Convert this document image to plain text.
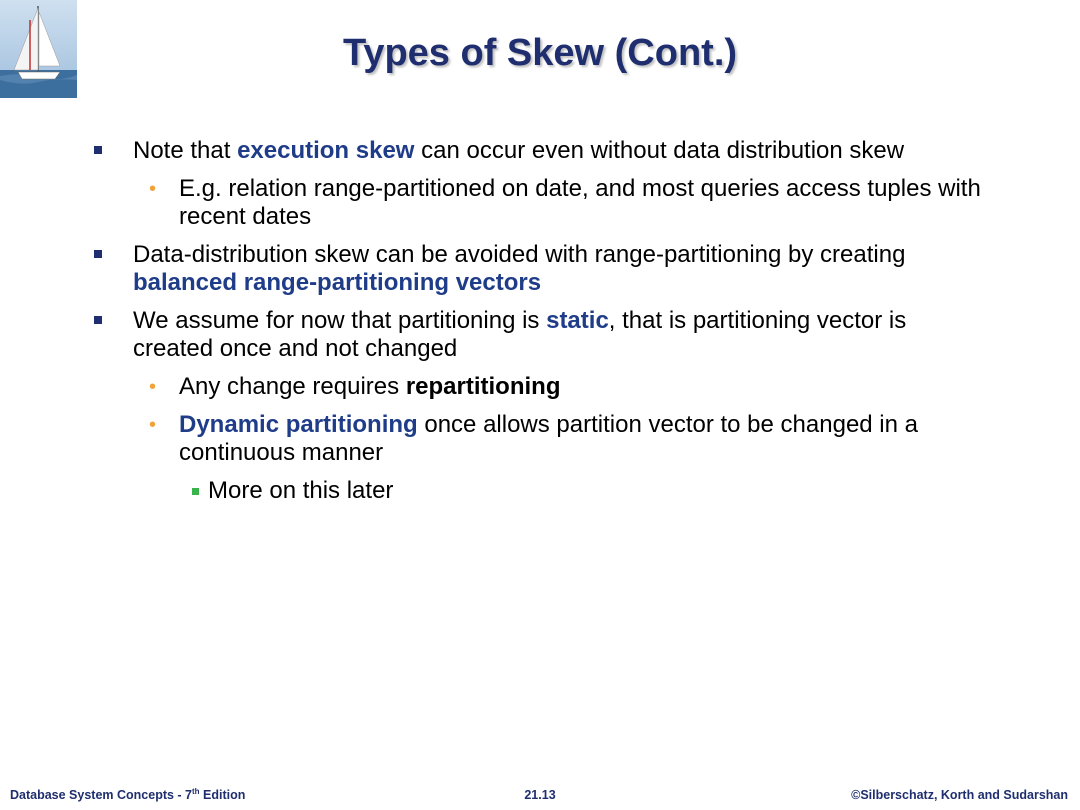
Types of Skew (Cont.)
Note that execution skew can occur even without data distribution skew
• E.g. relation range-partitioned on date, and most queries access tuples with recent dates
Data-distribution skew can be avoided with range-partitioning by creating balanced range-partitioning vectors
We assume for now that partitioning is static, that is partitioning vector is created once and not changed
• Any change requires repartitioning
• Dynamic partitioning once allows partition vector to be changed in a continuous manner
More on this later
Database System Concepts - 7th Edition	21.13	©Silberschatz, Korth and Sudarshan
